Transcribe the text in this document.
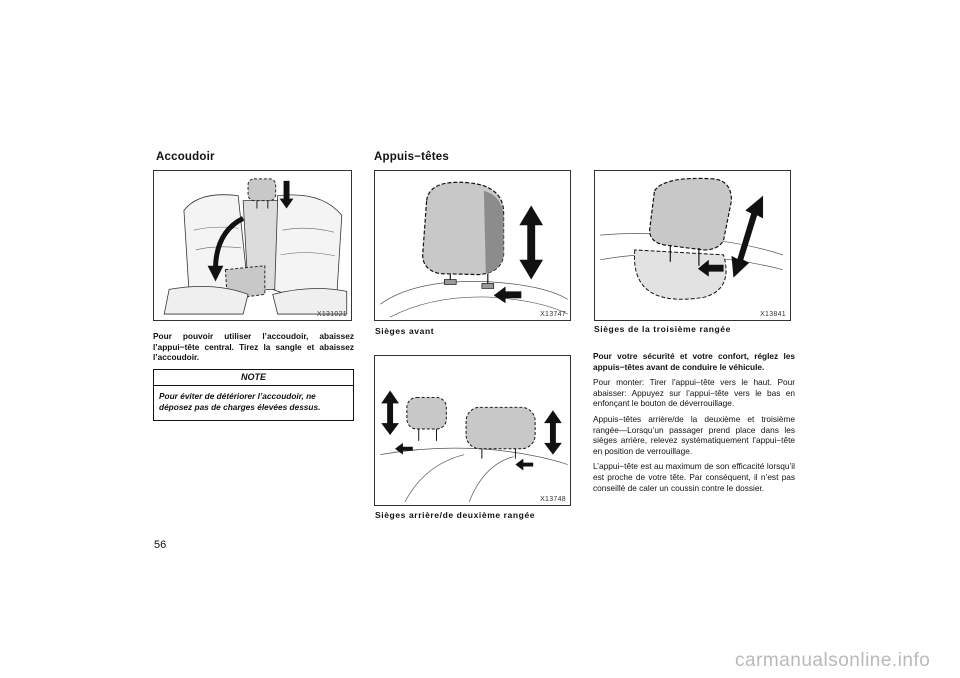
Accoudoir
X131021
Pour pouvoir utiliser l’accoudoir, abaissez l’appui−tête central. Tirez la sangle et abaissez l’accoudoir.
NOTE
Pour éviter de détériorer l’accoudoir, ne déposez pas de charges élevées dessus.
56
Appuis−têtes
X13747
Sièges avant
X13841
Sièges de la troisième rangée
X13748
Sièges arrière/de deuxième rangée
Pour votre sécurité et votre confort, réglez les appuis−têtes avant de conduire le véhicule.
Pour monter: Tirer l’appui−tête vers le haut. Pour abaisser: Appuyez sur l’appui−tête vers le bas en enfonçant le bouton de déverrouillage.
Appuis−têtes arrière/de la deuxième et troisième rangée—Lorsqu’un passager prend place dans les sièges arrière, relevez systématiquement l’appui−tête en position de verrouillage.
L’appui−tête est au maximum de son efficacité lorsqu’il est proche de votre tête. Par conséquent, il n’est pas conseillé de caler un coussin contre le dossier.
carmanualsonline.info
